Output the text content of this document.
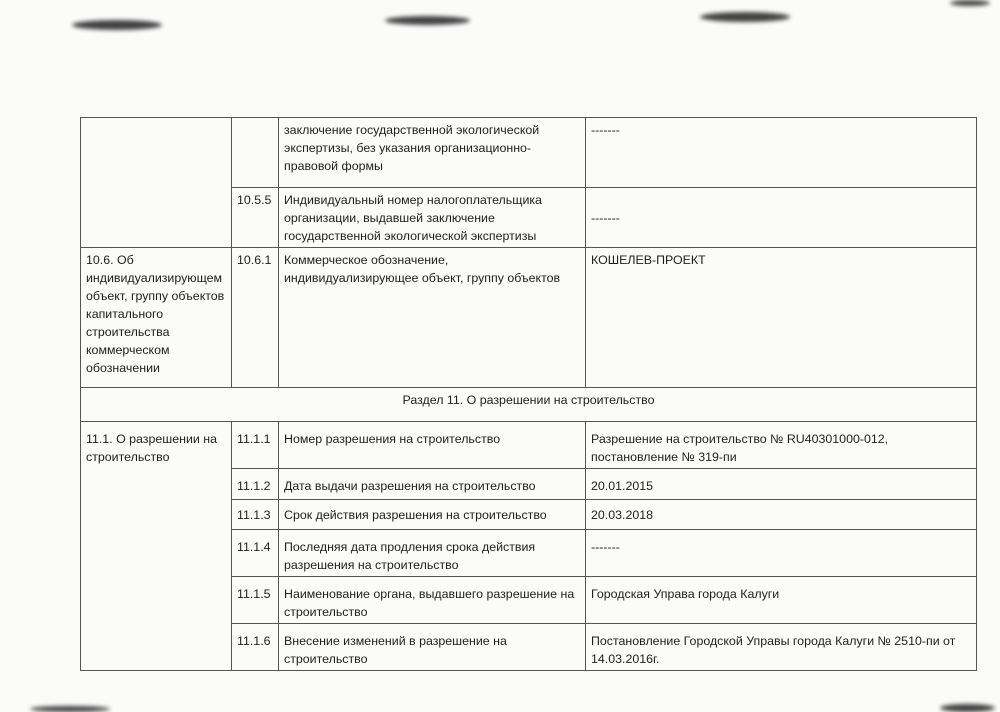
		заключение государственной экологической экспертизы, без указания организационно-правовой формы	-------
	10.5.5	Индивидуальный номер налогоплательщика организации, выдавшей заключение государственной экологической экспертизы	-------
10.6. Об индивидуализирующем объект, группу объектов капитального строительства коммерческом обозначении	10.6.1	Коммерческое обозначение, индивидуализирующее объект, группу объектов	КОШЕЛЕВ-ПРОЕКТ
Раздел 11. О разрешении на строительство			
11.1. О разрешении на строительство	11.1.1	Номер разрешения на строительство	Разрешение на строительство № RU40301000-012, постановление № 319-пи
	11.1.2	Дата выдачи разрешения на строительство	20.01.2015
	11.1.3	Срок действия разрешения на строительство	20.03.2018
	11.1.4	Последняя дата продления срока действия разрешения на строительство	-------
	11.1.5	Наименование органа, выдавшего разрешение на строительство	Городская Управа города Калуги
	11.1.6	Внесение изменений в разрешение на строительство	Постановление Городской Управы города Калуги № 2510-пи от 14.03.2016г.
